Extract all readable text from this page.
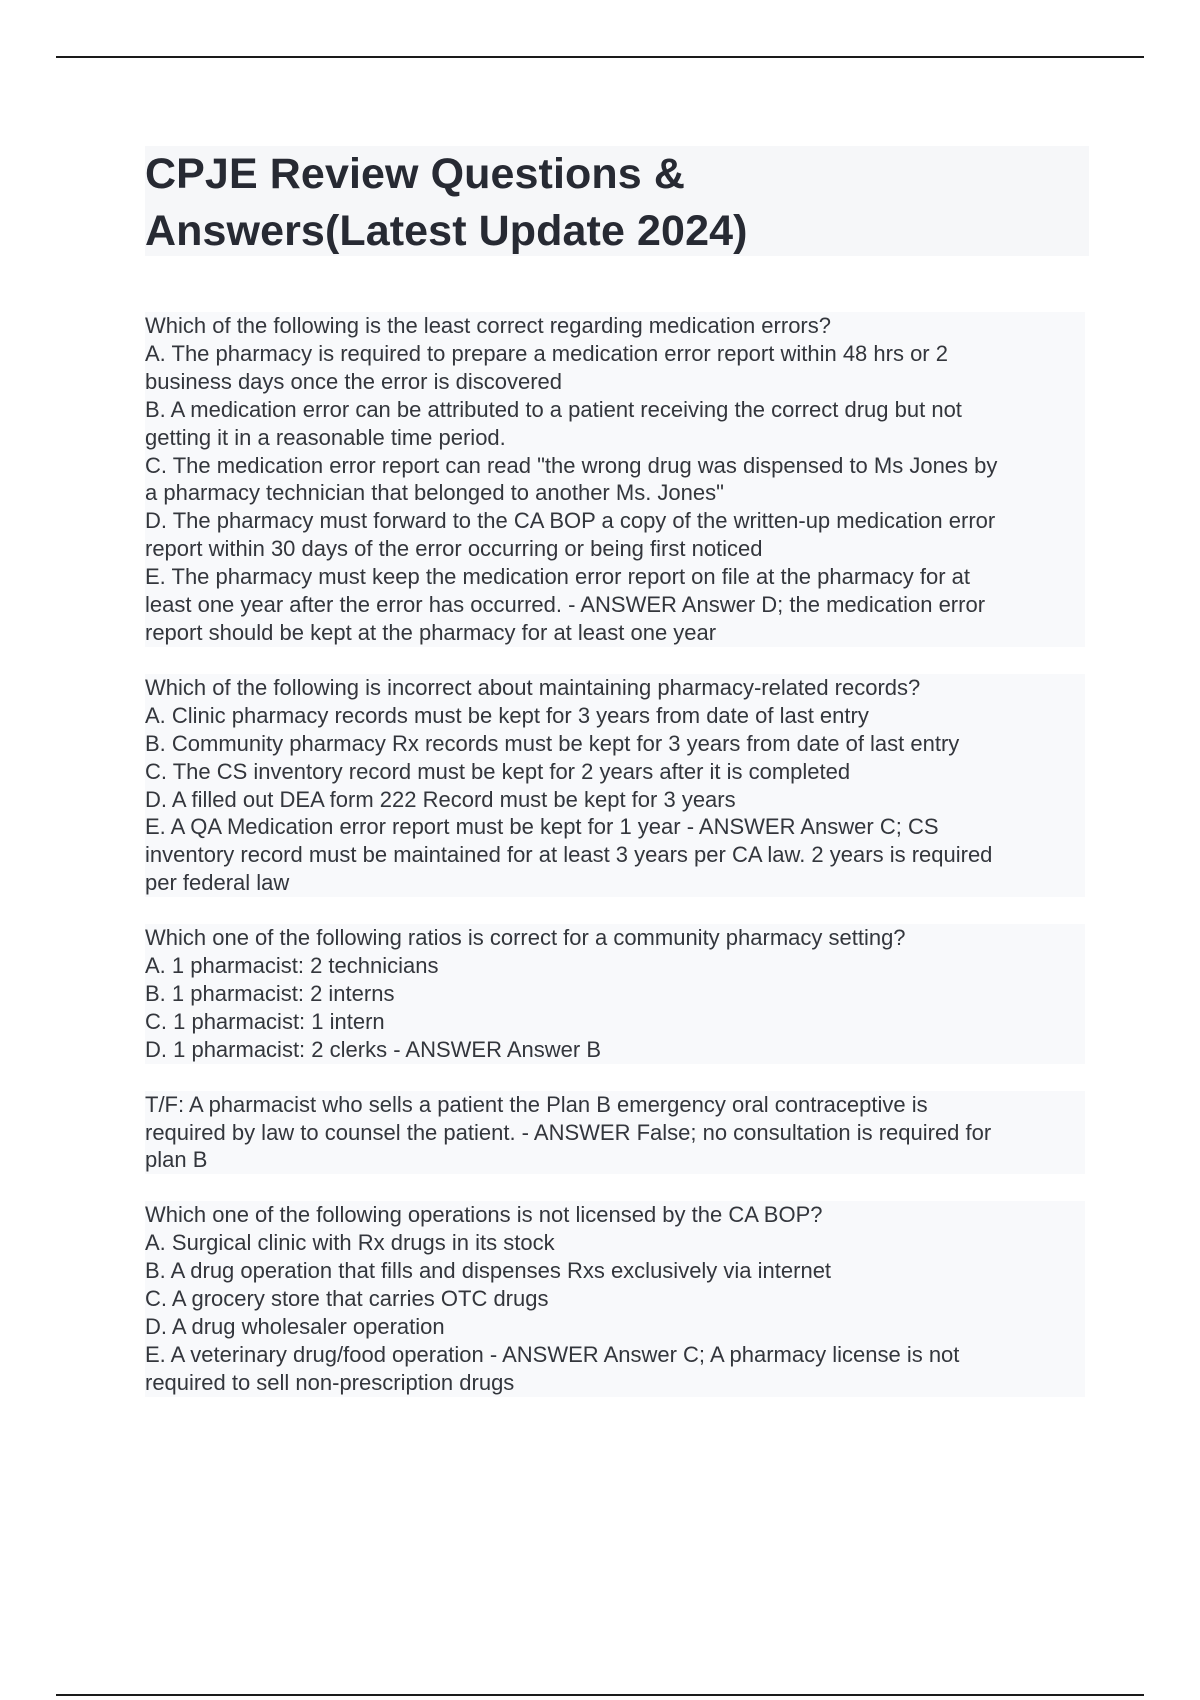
CPJE Review Questions &
Answers(Latest Update 2024)
Which of the following is the least correct regarding medication errors?
A. The pharmacy is required to prepare a medication error report within 48 hrs or 2
business days once the error is discovered
B. A medication error can be attributed to a patient receiving the correct drug but not
getting it in a reasonable time period.
C. The medication error report can read "the wrong drug was dispensed to Ms Jones by
a pharmacy technician that belonged to another Ms. Jones"
D. The pharmacy must forward to the CA BOP a copy of the written-up medication error
report within 30 days of the error occurring or being first noticed
E. The pharmacy must keep the medication error report on file at the pharmacy for at
least one year after the error has occurred. - ANSWER Answer D; the medication error
report should be kept at the pharmacy for at least one year
Which of the following is incorrect about maintaining pharmacy-related records?
A. Clinic pharmacy records must be kept for 3 years from date of last entry
B. Community pharmacy Rx records must be kept for 3 years from date of last entry
C. The CS inventory record must be kept for 2 years after it is completed
D. A filled out DEA form 222 Record must be kept for 3 years
E. A QA Medication error report must be kept for 1 year - ANSWER Answer C; CS
inventory record must be maintained for at least 3 years per CA law. 2 years is required
per federal law
Which one of the following ratios is correct for a community pharmacy setting?
A. 1 pharmacist: 2 technicians
B. 1 pharmacist: 2 interns
C. 1 pharmacist: 1 intern
D. 1 pharmacist: 2 clerks - ANSWER Answer B
T/F: A pharmacist who sells a patient the Plan B emergency oral contraceptive is
required by law to counsel the patient. - ANSWER False; no consultation is required for
plan B
Which one of the following operations is not licensed by the CA BOP?
A. Surgical clinic with Rx drugs in its stock
B. A drug operation that fills and dispenses Rxs exclusively via internet
C. A grocery store that carries OTC drugs
D. A drug wholesaler operation
E. A veterinary drug/food operation - ANSWER Answer C; A pharmacy license is not
required to sell non-prescription drugs
